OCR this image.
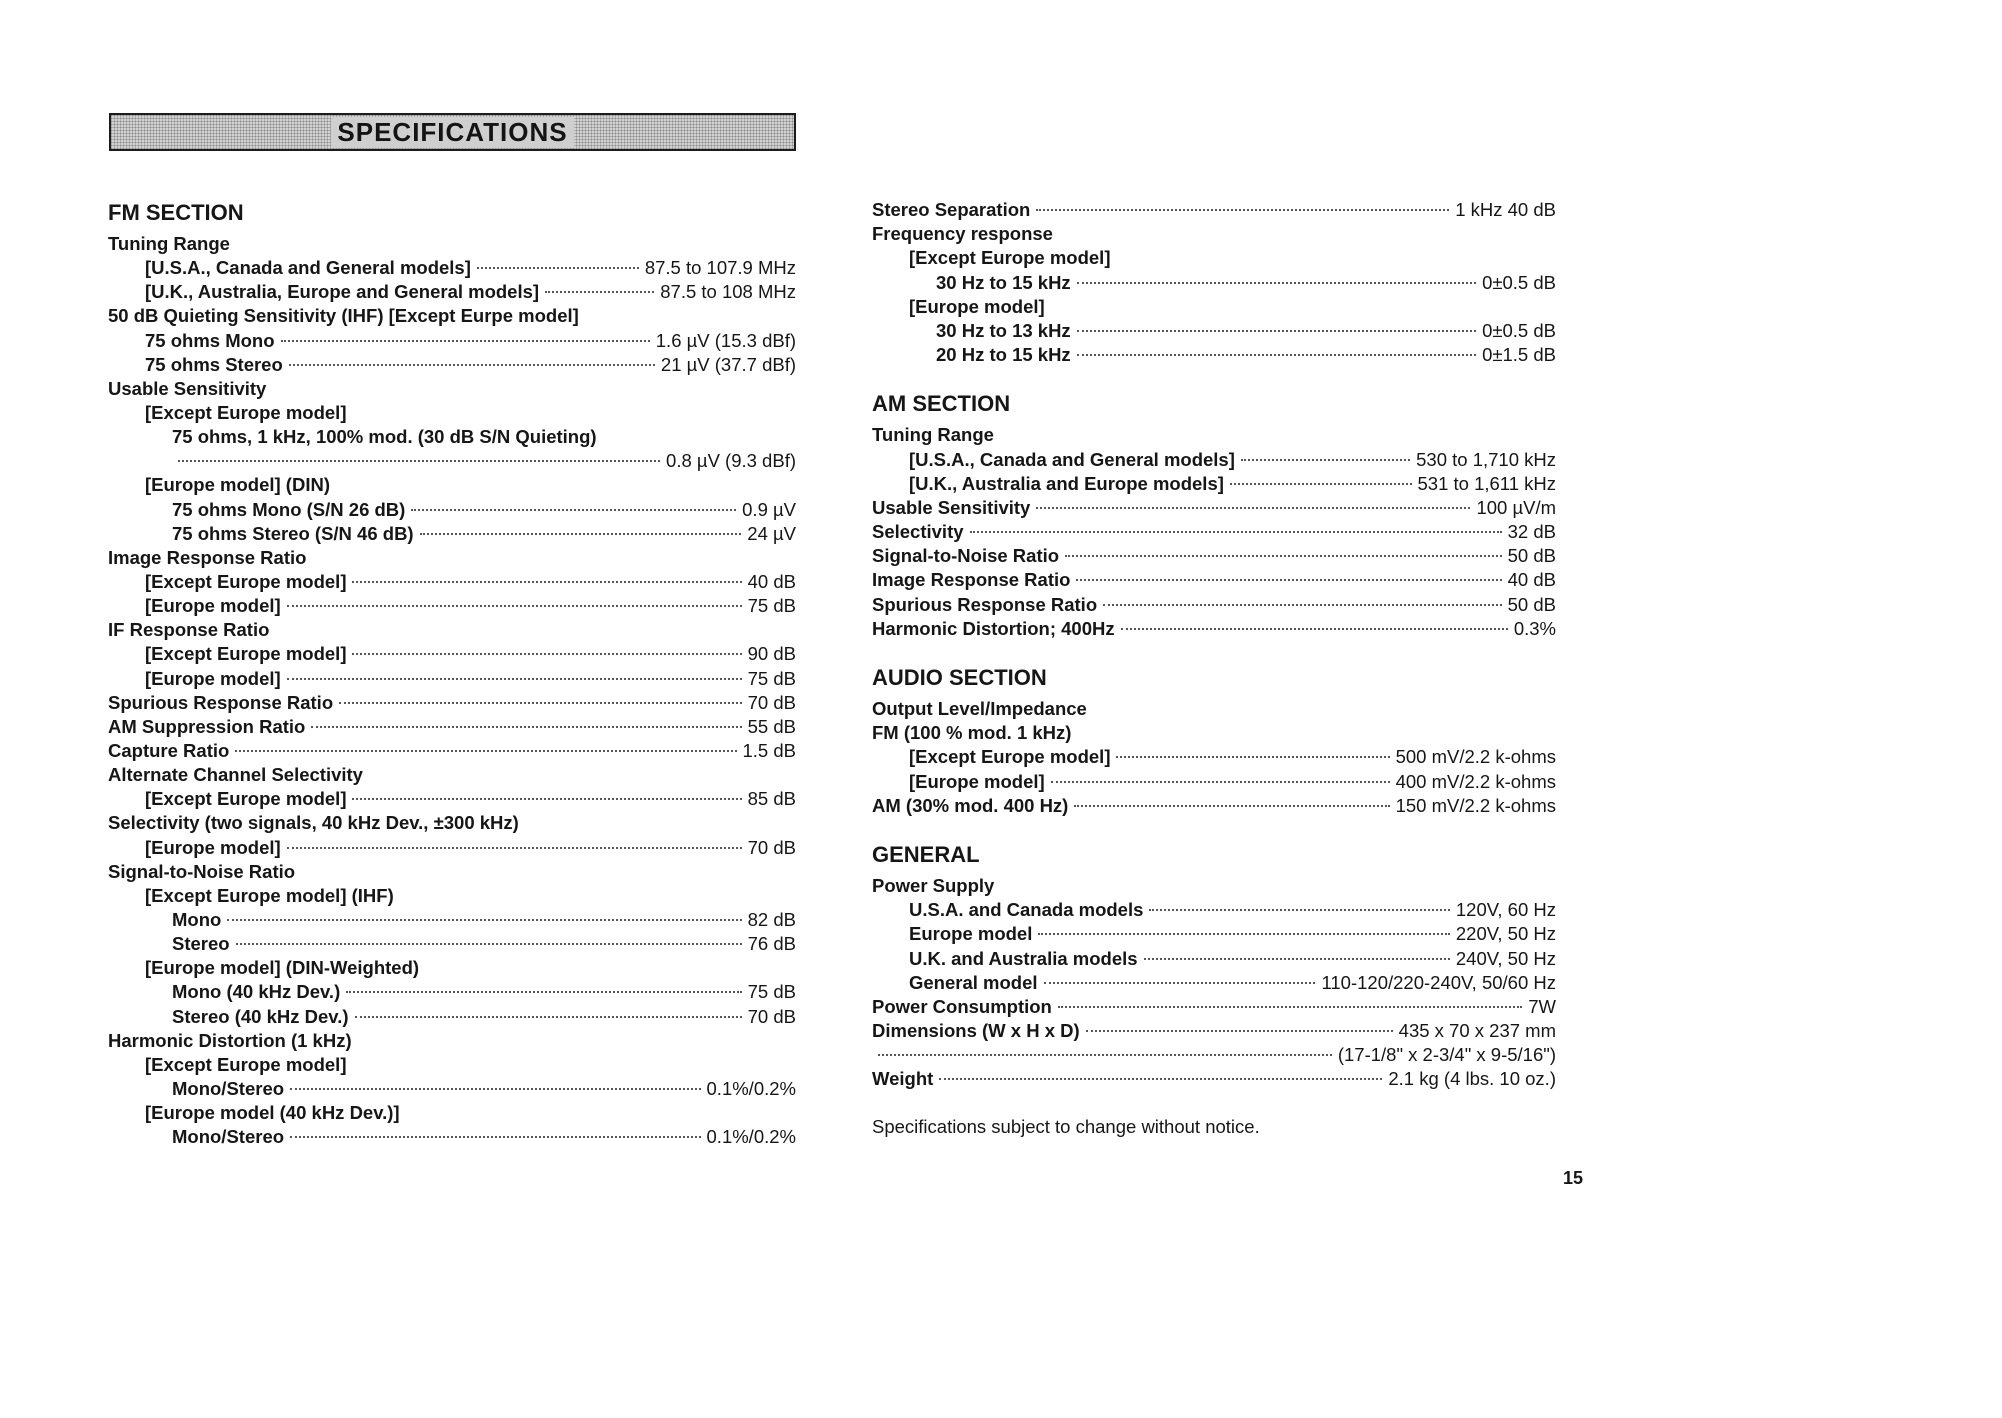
SPECIFICATIONS
FM SECTION
Tuning Range
[U.S.A., Canada and General models]	87.5 to 107.9 MHz
[U.K., Australia, Europe and General models]	87.5 to 108 MHz
50 dB Quieting Sensitivity (IHF) [Except Eurpe model]
75 ohms Mono	1.6 µV (15.3 dBf)
75 ohms Stereo	21 µV (37.7 dBf)
Usable Sensitivity
[Except Europe model]
75 ohms, 1 kHz, 100% mod. (30 dB S/N Quieting)
0.8 µV (9.3 dBf)
[Europe model] (DIN)
75 ohms Mono (S/N 26 dB)	0.9 µV
75 ohms Stereo (S/N 46 dB)	24 µV
Image Response Ratio
[Except Europe model]	40 dB
[Europe model]	75 dB
IF Response Ratio
[Except Europe model]	90 dB
[Europe model]	75 dB
Spurious Response Ratio	70 dB
AM Suppression Ratio	55 dB
Capture Ratio	1.5 dB
Alternate Channel Selectivity
[Except Europe model]	85 dB
Selectivity (two signals, 40 kHz Dev., ±300 kHz)
[Europe model]	70 dB
Signal-to-Noise Ratio
[Except Europe model] (IHF)
Mono	82 dB
Stereo	76 dB
[Europe model] (DIN-Weighted)
Mono (40 kHz Dev.)	75 dB
Stereo (40 kHz Dev.)	70 dB
Harmonic Distortion (1 kHz)
[Except Europe model]
Mono/Stereo	0.1%/0.2%
[Europe model (40 kHz Dev.)]
Mono/Stereo	0.1%/0.2%
Stereo Separation	1 kHz 40 dB
Frequency response
[Except Europe model]
30 Hz to 15 kHz	0±0.5 dB
[Europe model]
30 Hz to 13 kHz	0±0.5 dB
20 Hz to 15 kHz	0±1.5 dB
AM SECTION
Tuning Range
[U.S.A., Canada and General models]	530 to 1,710 kHz
[U.K., Australia and Europe models]	531 to 1,611 kHz
Usable Sensitivity	100 µV/m
Selectivity	32 dB
Signal-to-Noise Ratio	50 dB
Image Response Ratio	40 dB
Spurious Response Ratio	50 dB
Harmonic Distortion; 400Hz	0.3%
AUDIO SECTION
Output Level/Impedance
FM (100 % mod. 1 kHz)
[Except Europe model]	500 mV/2.2 k-ohms
[Europe model]	400 mV/2.2 k-ohms
AM (30% mod. 400 Hz)	150 mV/2.2 k-ohms
GENERAL
Power Supply
U.S.A. and Canada models	120V, 60 Hz
Europe model	220V, 50 Hz
U.K. and Australia models	240V, 50 Hz
General model	110-120/220-240V, 50/60 Hz
Power Consumption	7W
Dimensions (W x H x D)	435 x 70 x 237 mm
(17-1/8" x 2-3/4" x 9-5/16")
Weight	2.1 kg (4 lbs. 10 oz.)
Specifications subject to change without notice.
15
